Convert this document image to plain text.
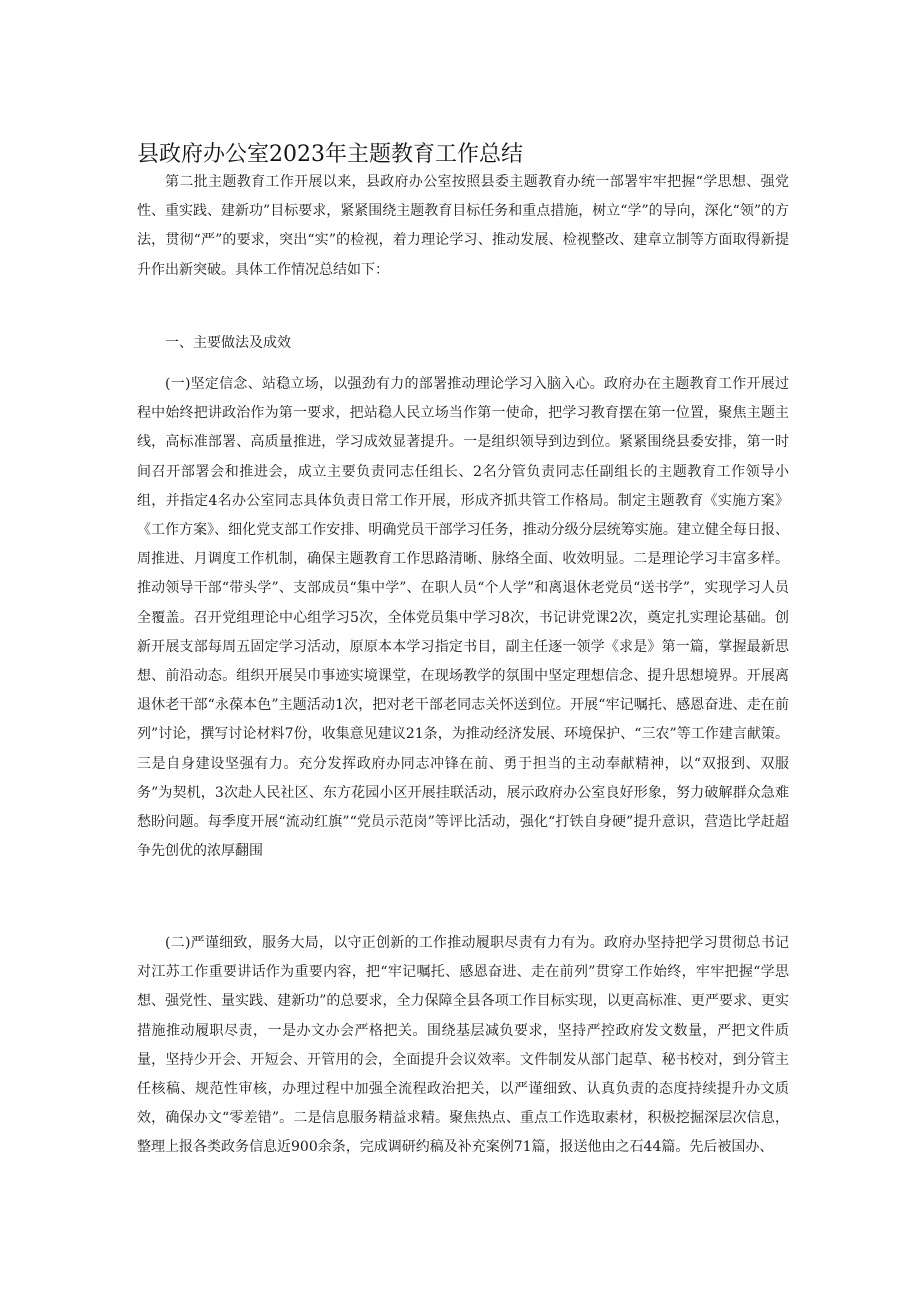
县政府办公室2023年主题教育工作总结

第二批主题教育工作开展以来，县政府办公室按照县委主题教育办统一部署牢牢把握“学思想、强党性、重实践、建新功”目标要求，紧紧围绕主题教育目标任务和重点措施，树立“学”的导向，深化“领”的方法，贯彻“严”的要求，突出“实”的检视，着力理论学习、推动发展、检视整改、建章立制等方面取得新提升作出新突破。具体工作情况总结如下：

一、主要做法及成效

(一)坚定信念、站稳立场，以强劲有力的部署推动理论学习入脑入心。政府办在主题教育工作开展过程中始终把讲政治作为第一要求，把站稳人民立场当作第一使命，把学习教育摆在第一位置，聚焦主题主线，高标准部署、高质量推进，学习成效显著提升。一是组织领导到边到位。紧紧围绕县委安排，第一时间召开部署会和推进会，成立主要负责同志任组长、2名分管负责同志任副组长的主题教育工作领导小组，并指定4名办公室同志具体负责日常工作开展，形成齐抓共管工作格局。制定主题教育《实施方案》《工作方案》、细化党支部工作安排、明确党员干部学习任务，推动分级分层统筹实施。建立健全每日报、周推进、月调度工作机制，确保主题教育工作思路清晰、脉络全面、收效明显。二是理论学习丰富多样。推动领导干部“带头学”、支部成员“集中学”、在职人员“个人学”和离退休老党员“送书学”，实现学习人员全覆盖。召开党组理论中心组学习5次，全体党员集中学习8次，书记讲党课2次，奠定扎实理论基础。创新开展支部每周五固定学习活动，原原本本学习指定书目，副主任逐一领学《求是》第一篇，掌握最新思想、前沿动态。组织开展吴巾事迹实境课堂，在现场教学的氛围中坚定理想信念、提升思想境界。开展离退休老干部“永葆本色”主题活动1次，把对老干部老同志关怀送到位。开展“牢记嘱托、感恩奋进、走在前列”讨论，撰写讨论材料7份，收集意见建议21条，为推动经济发展、环境保护、“三农”等工作建言献策。三是自身建设坚强有力。充分发挥政府办同志冲锋在前、勇于担当的主动奉献精神，以“双报到、双服务”为契机，3次赴人民社区、东方花园小区开展挂联活动，展示政府办公室良好形象，努力破解群众急难愁盼问题。每季度开展“流动红旗”“党员示范岗”等评比活动，强化“打铁自身硬”提升意识，营造比学赶超争先创优的浓厚翻围

(二)严谨细致，服务大局，以守正创新的工作推动履职尽责有力有为。政府办坚持把学习贯彻总书记对江苏工作重要讲话作为重要内容，把“牢记嘱托、感恩奋进、走在前列”贯穿工作始终，牢牢把握“学思想、强党性、量实践、建新功”的总要求，全力保障全县各项工作目标实现，以更高标准、更严要求、更实措施推动履职尽责，一是办文办会严格把关。围绕基层减负要求，坚持严控政府发文数量，严把文件质量，坚持少开会、开短会、开管用的会，全面提升会议效率。文件制发从部门起草、秘书校对，到分管主任核稿、规范性审核，办理过程中加强全流程政治把关，以严谨细致、认真负责的态度持续提升办文质效，确保办文“零差错”。二是信息服务精益求精。聚焦热点、重点工作选取素材，积极挖掘深层次信息，整理上报各类政务信息近900余条，完成调研约稿及补充案例71篇，报送他由之石44篇。先后被国办、
